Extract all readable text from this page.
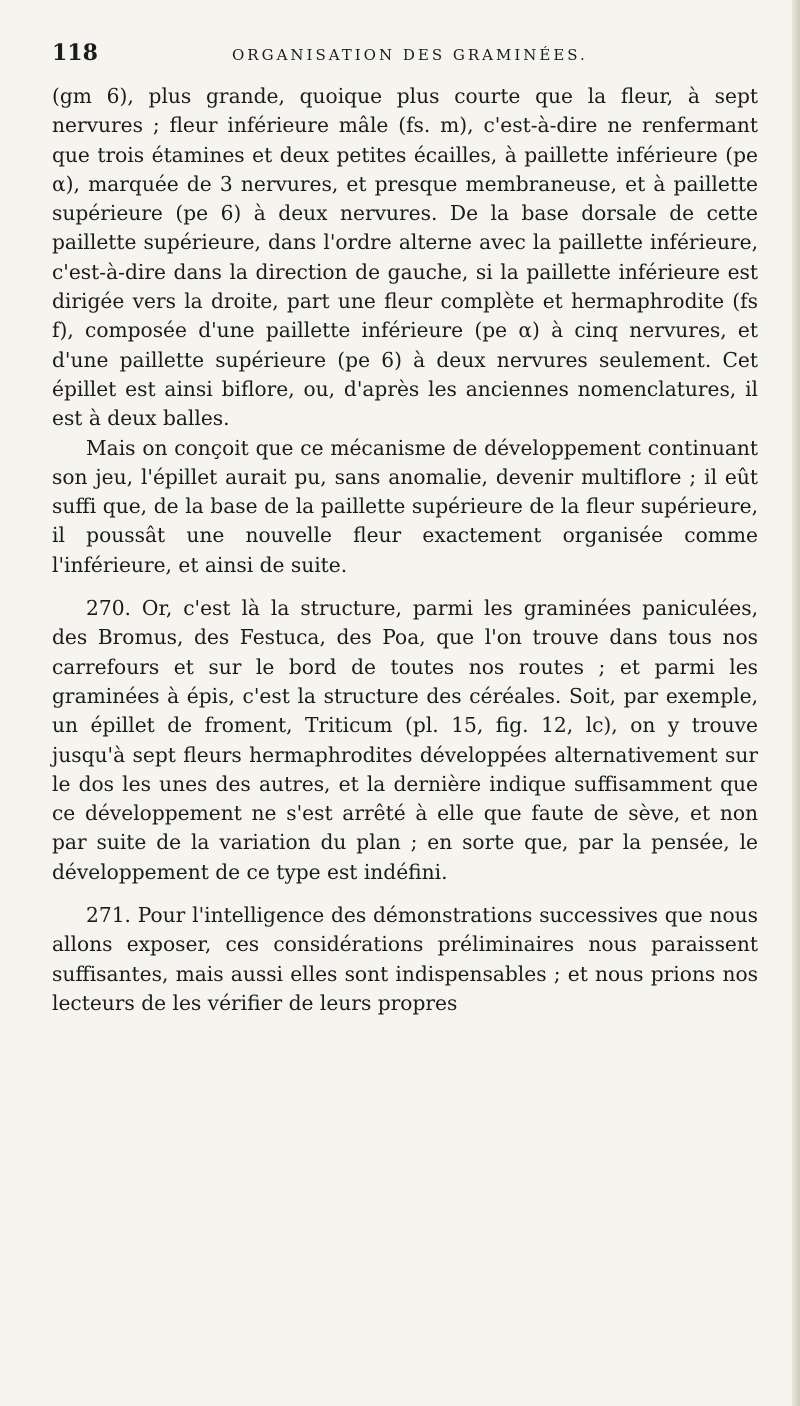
118	ORGANISATION DES GRAMINÉES.

(gm 6), plus grande, quoique plus courte que la fleur, à sept nervures ; fleur inférieure mâle (fs. m), c'est-à-dire ne renfermant que trois étamines et deux petites écailles, à paillette inférieure (pe α), marquée de 3 nervures, et presque membraneuse, et à paillette supérieure (pe 6) à deux nervures. De la base dorsale de cette paillette supérieure, dans l'ordre alterne avec la paillette inférieure, c'est-à-dire dans la direction de gauche, si la paillette inférieure est dirigée vers la droite, part une fleur complète et hermaphrodite (fs f), composée d'une paillette inférieure (pe α) à cinq nervures, et d'une paillette supérieure (pe 6) à deux nervures seulement. Cet épillet est ainsi biflore, ou, d'après les anciennes nomenclatures, il est à deux balles.

Mais on conçoit que ce mécanisme de développement continuant son jeu, l'épillet aurait pu, sans anomalie, devenir multiflore ; il eût suffi que, de la base de la paillette supérieure de la fleur supérieure, il poussât une nouvelle fleur exactement organisée comme l'inférieure, et ainsi de suite.

270. Or, c'est là la structure, parmi les graminées paniculées, des Bromus, des Festuca, des Poa, que l'on trouve dans tous nos carrefours et sur le bord de toutes nos routes ; et parmi les graminées à épis, c'est la structure des céréales. Soit, par exemple, un épillet de froment, Triticum (pl. 15, fig. 12, lc), on y trouve jusqu'à sept fleurs hermaphrodites développées alternativement sur le dos les unes des autres, et la dernière indique suffisamment que ce développement ne s'est arrêté à elle que faute de sève, et non par suite de la variation du plan ; en sorte que, par la pensée, le développement de ce type est indéfini.

271. Pour l'intelligence des démonstrations successives que nous allons exposer, ces considérations préliminaires nous paraissent suffisantes, mais aussi elles sont indispensables ; et nous prions nos lecteurs de les vérifier de leurs propres
